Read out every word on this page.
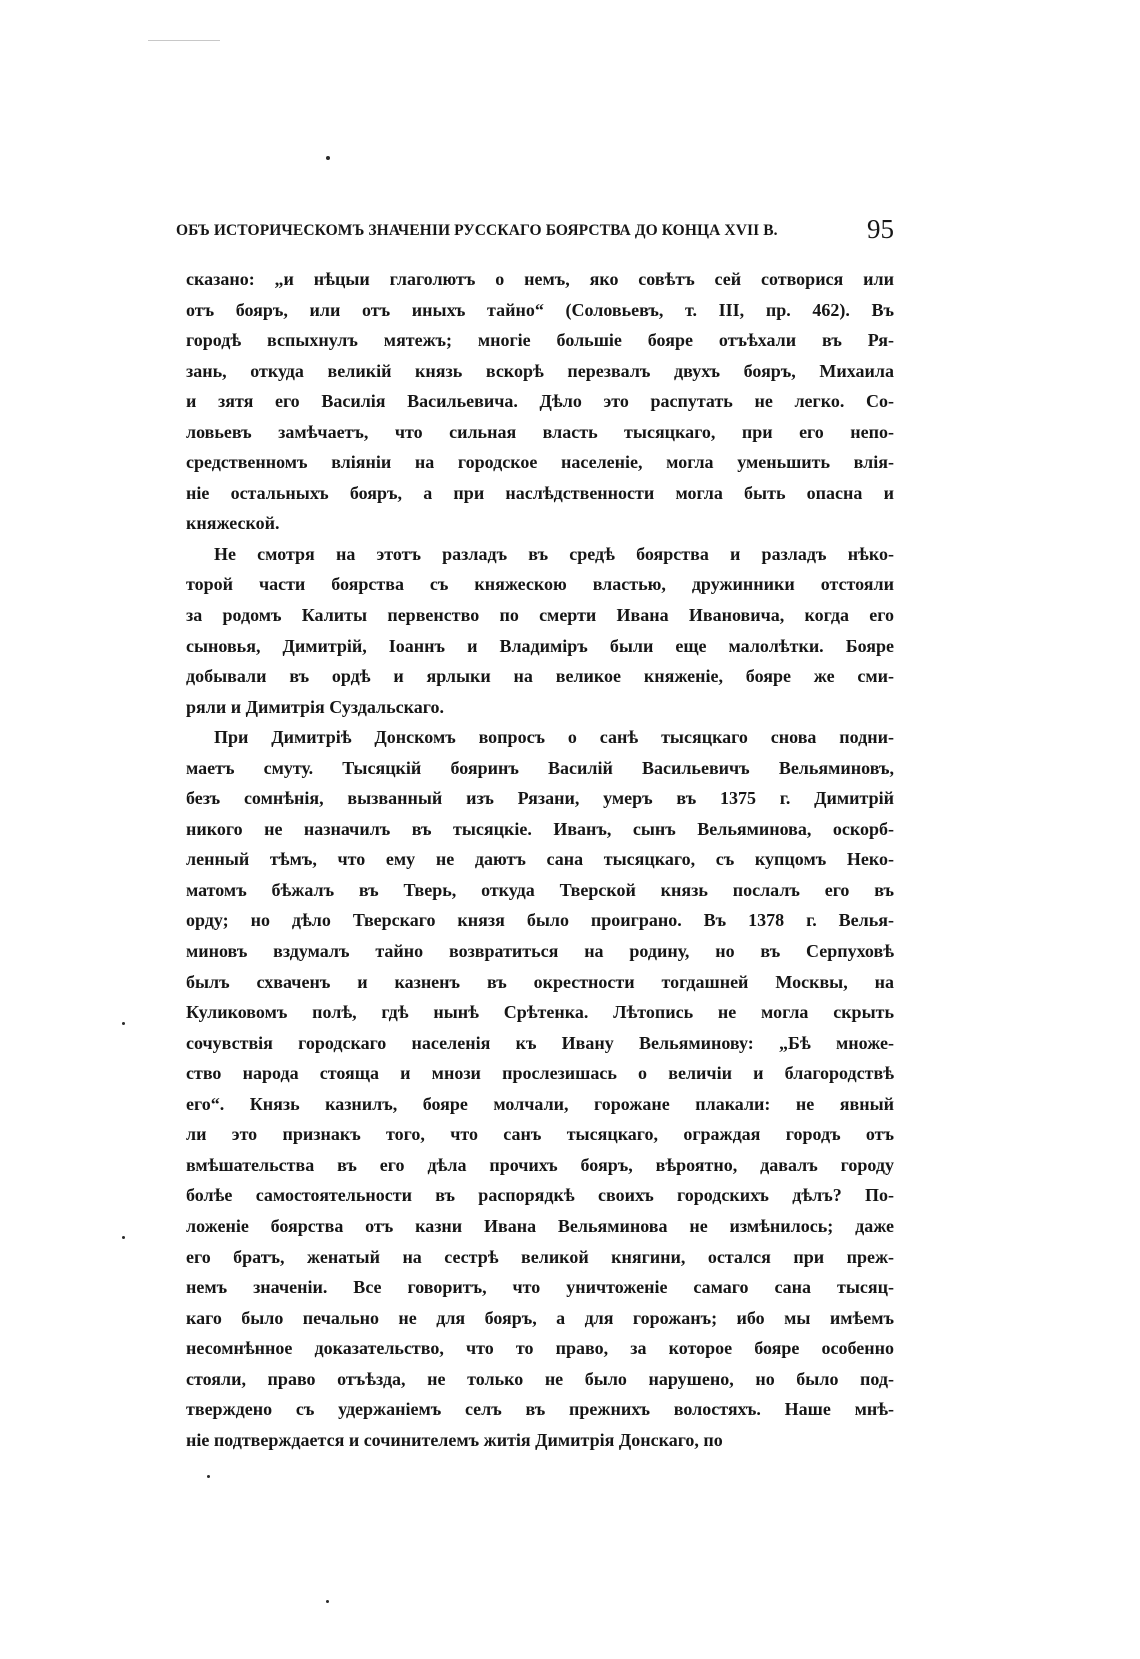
ОБЪ ИСТОРИЧЕСКОМЪ ЗНАЧЕНІИ РУССКАГО БОЯРСТВА ДО КОНЦА XVII В.	95
сказано: „и нѣцыи глаголютъ о немъ, яко совѣтъ сей сотворися или
отъ бояръ, или отъ иныхъ тайно“ (Соловьевъ, т. III, пр. 462). Въ
городѣ вспыхнулъ мятежъ; многіе большіе бояре отъѣхали въ Ря-
зань, откуда великій князь вскорѣ перезвалъ двухъ бояръ, Михаила
и зятя его Василія Васильевича. Дѣло это распутать не легко. Со-
ловьевъ замѣчаетъ, что сильная власть тысяцкаго, при его непо-
средственномъ вліяніи на городское населеніе, могла уменьшить влія-
ніе остальныхъ бояръ, а при наслѣдственности могла быть опасна и
княжеской.
Не смотря на этотъ разладъ въ средѣ боярства и разладъ нѣко-
торой части боярства съ княжескою властью, дружинники отстояли
за родомъ Калиты первенство по смерти Ивана Ивановича, когда его
сыновья, Димитрій, Іоаннъ и Владиміръ были еще малолѣтки. Бояре
добывали въ ордѣ и ярлыки на великое княженіе, бояре же сми-
ряли и Димитрія Суздальскаго.
При Димитріѣ Донскомъ вопросъ о санѣ тысяцкаго снова подни-
маетъ смуту. Тысяцкій бояринъ Василій Васильевичъ Вельяминовъ,
безъ сомнѣнія, вызванный изъ Рязани, умеръ въ 1375 г. Димитрій
никого не назначилъ въ тысяцкіе. Иванъ, сынъ Вельяминова, оскорб-
ленный тѣмъ, что ему не даютъ сана тысяцкаго, съ купцомъ Неко-
матомъ бѣжалъ въ Тверь, откуда Тверской князь послалъ его въ
орду; но дѣло Тверскаго князя было проиграно. Въ 1378 г. Велья-
миновъ вздумалъ тайно возвратиться на родину, но въ Серпуховѣ
былъ схваченъ и казненъ въ окрестности тогдашней Москвы, на
Куликовомъ полѣ, гдѣ нынѣ Срѣтенка. Лѣтопись не могла скрыть
сочувствія городскаго населенія къ Ивану Вельяминову: „Бѣ множе-
ство народа стояща и мнози прослезишась о величіи и благородствѣ
его“. Князь казнилъ, бояре молчали, горожане плакали: не явный
ли это признакъ того, что санъ тысяцкаго, ограждая городъ отъ
вмѣшательства въ его дѣла прочихъ бояръ, вѣроятно, давалъ городу
болѣе самостоятельности въ распорядкѣ своихъ городскихъ дѣлъ? По-
ложеніе боярства отъ казни Ивана Вельяминова не измѣнилось; даже
его братъ, женатый на сестрѣ великой княгини, остался при преж-
немъ значеніи. Все говоритъ, что уничтоженіе самаго сана тысяц-
каго было печально не для бояръ, а для горожанъ; ибо мы имѣемъ
несомнѣнное доказательство, что то право, за которое бояре особенно
стояли, право отъѣзда, не только не было нарушено, но было под-
тверждено съ удержаніемъ селъ въ прежнихъ волостяхъ. Наше мнѣ-
ніе подтверждается и сочинителемъ житія Димитрія Донскаго, по
